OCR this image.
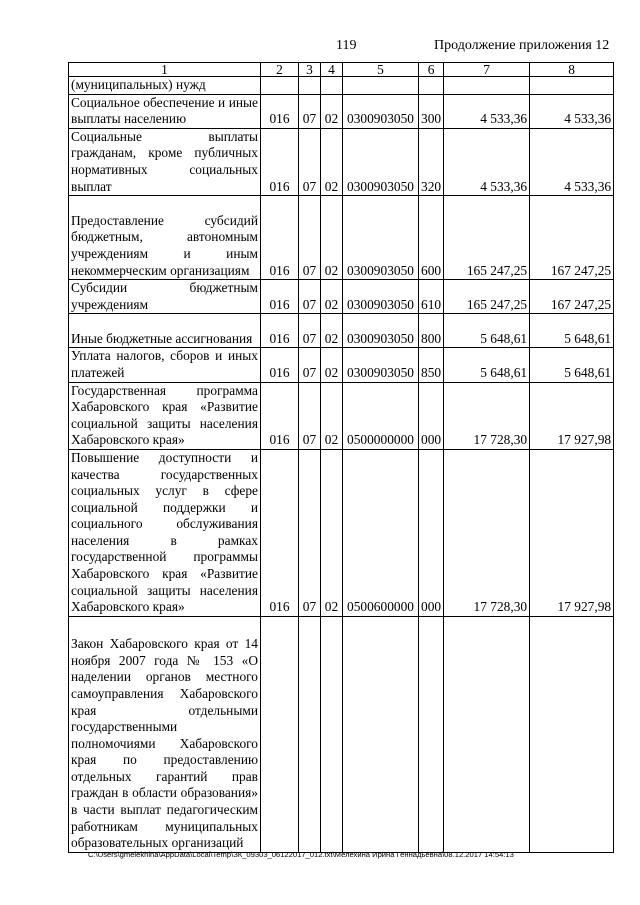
119	Продолжение приложения 12
1	2	3	4	5	6	7	8
(муниципальных) нужд							
Социальное обеспечение и иные выплаты населению	016	07	02	0300903050	300	4 533,36	4 533,36
Социальные выплаты гражданам, кроме публичных нормативных социальных выплат	016	07	02	0300903050	320	4 533,36	4 533,36
Предоставление субсидий бюджетным, автономным учреждениям и иным некоммерческим организациям	016	07	02	0300903050	600	165 247,25	167 247,25
Субсидии бюджетным учреждениям	016	07	02	0300903050	610	165 247,25	167 247,25
Иные бюджетные ассигнования	016	07	02	0300903050	800	5 648,61	5 648,61
Уплата налогов, сборов и иных платежей	016	07	02	0300903050	850	5 648,61	5 648,61
Государственная программа Хабаровского края «Развитие социальной защиты населения Хабаровского края»	016	07	02	0500000000	000	17 728,30	17 927,98
Повышение доступности и качества государственных социальных услуг в сфере социальной поддержки и социального обслуживания населения в рамках государственной программы Хабаровского края «Развитие социальной защиты населения Хабаровского края»	016	07	02	0500600000	000	17 728,30	17 927,98
Закон Хабаровского края от 14 ноября 2007 года № 153 «О наделении органов местного самоуправления Хабаровского края отдельными государственными полномочиями Хабаровского края по предоставлению отдельных гарантий прав граждан в области образования» в части выплат педагогическим работникам муниципальных образовательных организаций							
C:\Users\gmelekhina\AppData\Local\Temp\ЗК_09303_06122017_012.txt\Мелехина Ирина Геннадьевна\08.12.2017 14:54:13
